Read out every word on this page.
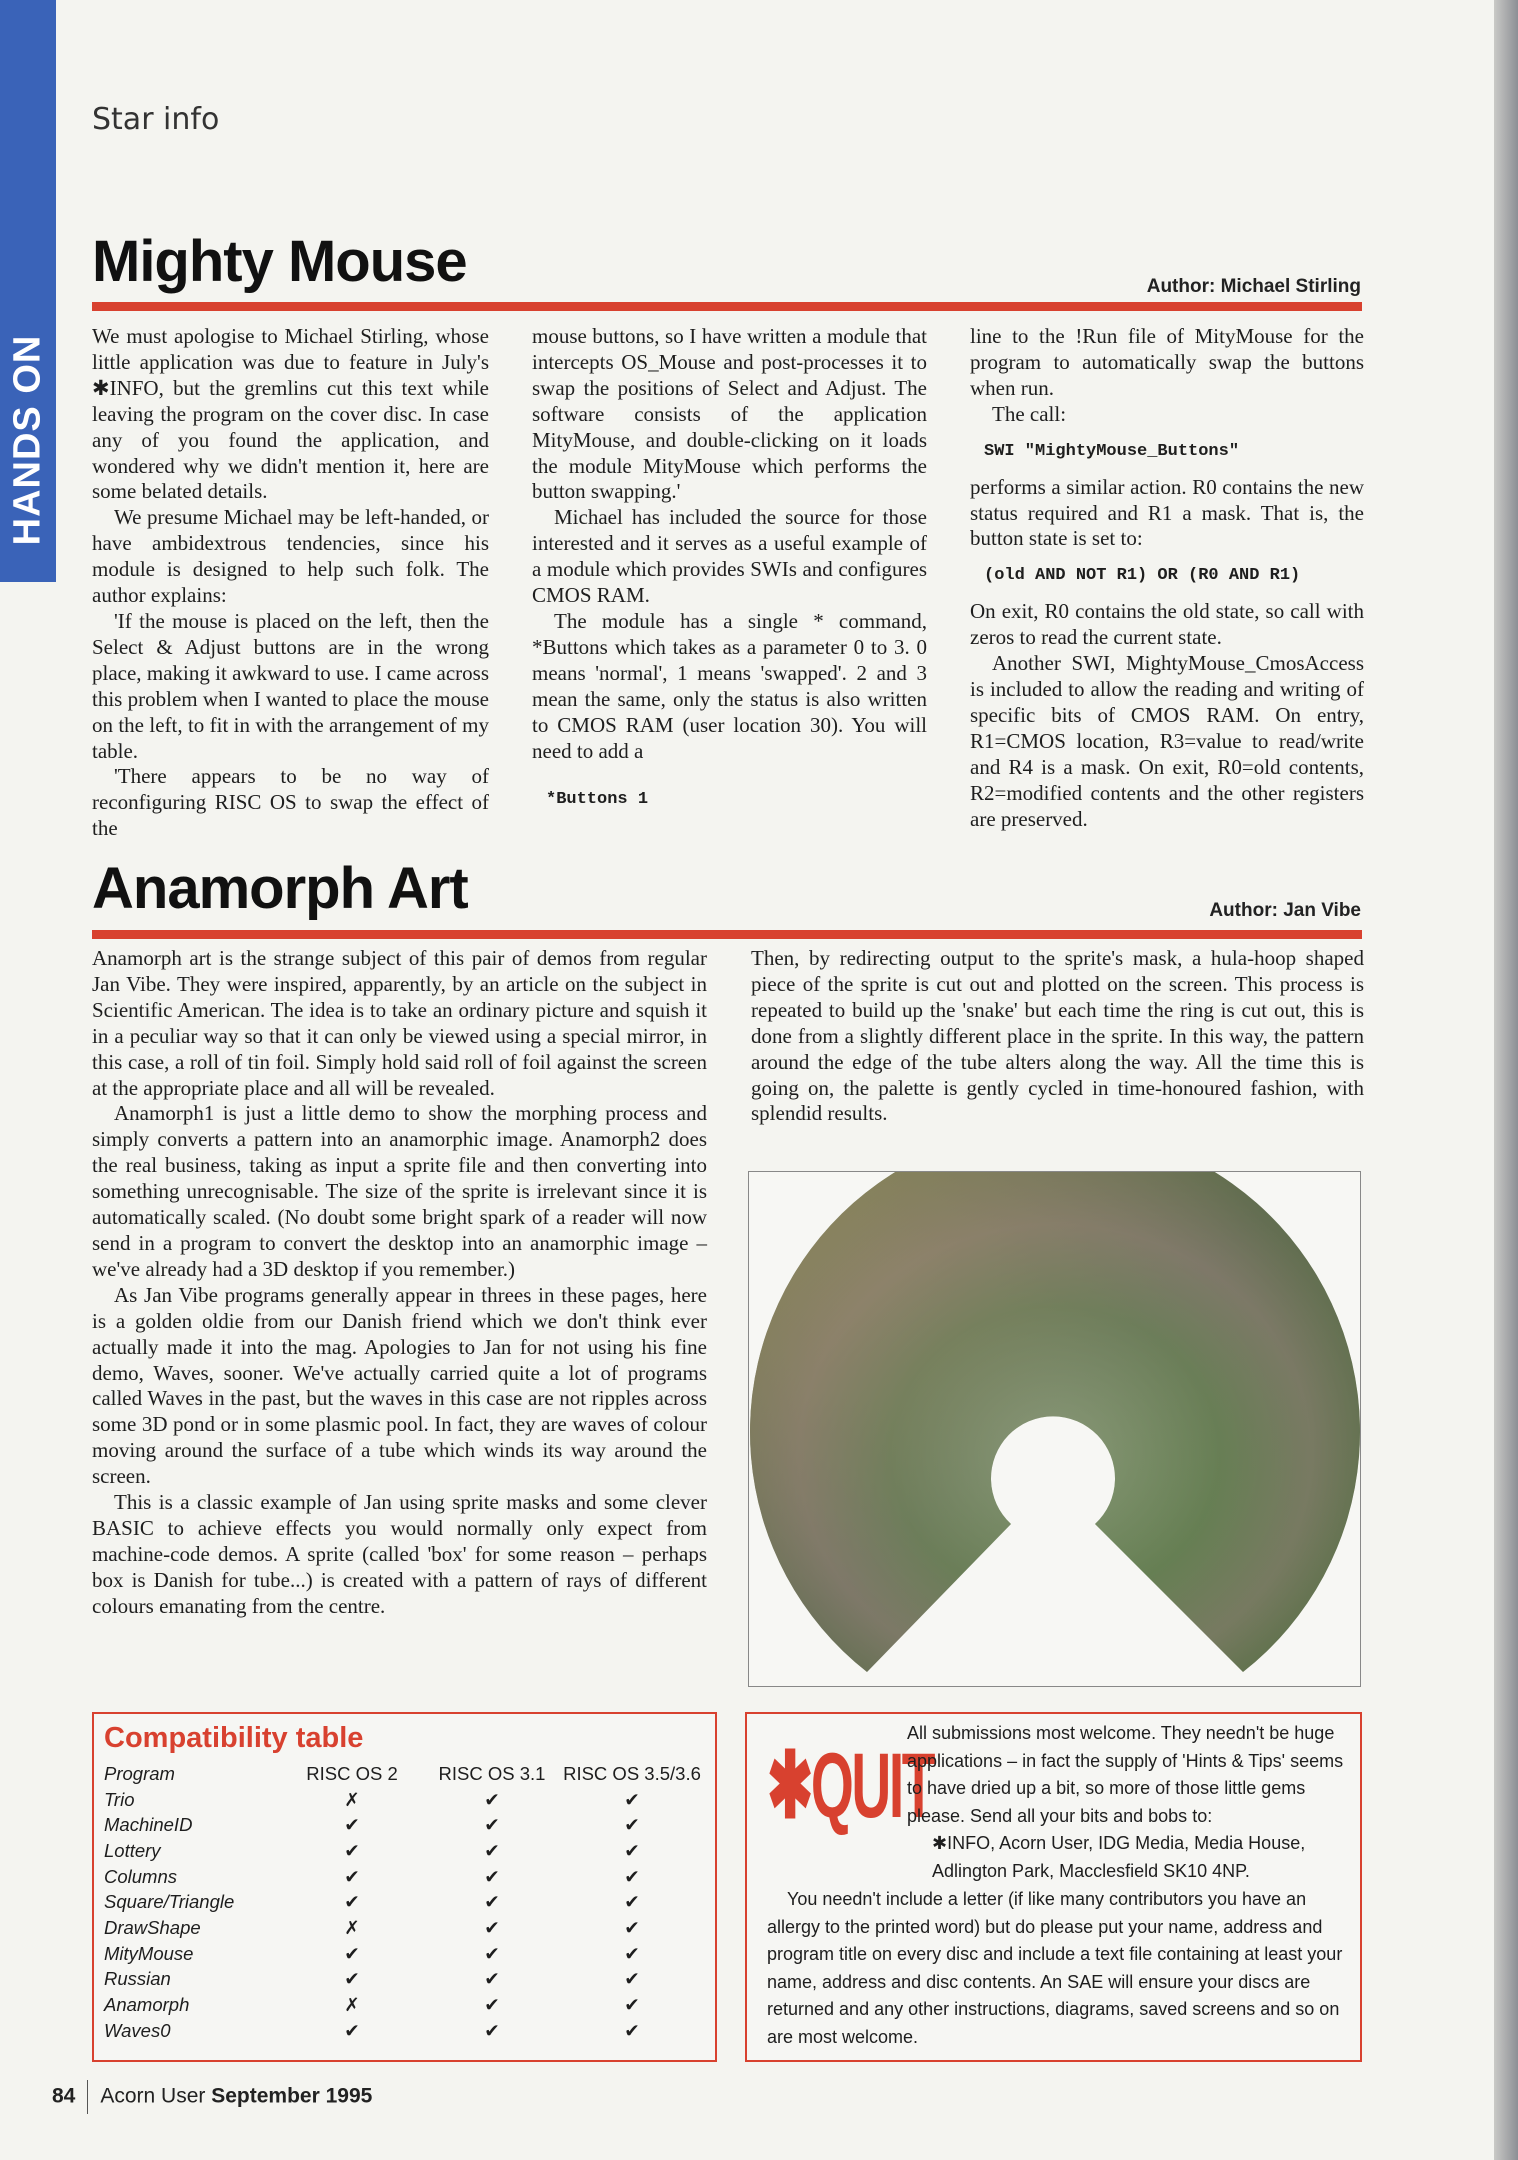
HANDS ON
Star info
Mighty Mouse	Author: Michael Stirling

We must apologise to Michael Stirling, whose little application was due to feature in July's ✱INFO, but the gremlins cut this text while leaving the program on the cover disc. In case any of you found the application, and wondered why we didn't mention it, here are some belated details.

We presume Michael may be left-handed, or have ambidextrous tendencies, since his module is designed to help such folk. The author explains:

'If the mouse is placed on the left, then the Select & Adjust buttons are in the wrong place, making it awkward to use. I came across this problem when I wanted to place the mouse on the left, to fit in with the arrangement of my table.

'There appears to be no way of reconfiguring RISC OS to swap the effect of the

mouse buttons, so I have written a module that intercepts OS_Mouse and post-processes it to swap the positions of Select and Adjust. The software consists of the application MityMouse, and double-clicking on it loads the module MityMouse which performs the button swapping.'

Michael has included the source for those interested and it serves as a useful example of a module which provides SWIs and configures CMOS RAM.

The module has a single * command, *Buttons which takes as a parameter 0 to 3. 0 means 'normal', 1 means 'swapped'. 2 and 3 mean the same, only the status is also written to CMOS RAM (user location 30). You will need to add a

*Buttons 1

line to the !Run file of MityMouse for the program to automatically swap the buttons when run.

The call:

SWI "MightyMouse_Buttons"

performs a similar action. R0 contains the new status required and R1 a mask. That is, the button state is set to:

(old AND NOT R1) OR (R0 AND R1)

On exit, R0 contains the old state, so call with zeros to read the current state.

Another SWI, MightyMouse_CmosAccess is included to allow the reading and writing of specific bits of CMOS RAM. On entry, R1=CMOS location, R3=value to read/write and R4 is a mask. On exit, R0=old contents, R2=modified contents and the other registers are preserved.

Anamorph Art	Author: Jan Vibe

Anamorph art is the strange subject of this pair of demos from regular Jan Vibe. They were inspired, apparently, by an article on the subject in Scientific American. The idea is to take an ordinary picture and squish it in a peculiar way so that it can only be viewed using a special mirror, in this case, a roll of tin foil. Simply hold said roll of foil against the screen at the appropriate place and all will be revealed.

Anamorph1 is just a little demo to show the morphing process and simply converts a pattern into an anamorphic image. Anamorph2 does the real business, taking as input a sprite file and then converting into something unrecognisable. The size of the sprite is irrelevant since it is automatically scaled. (No doubt some bright spark of a reader will now send in a program to convert the desktop into an anamorphic image – we've already had a 3D desktop if you remember.)

As Jan Vibe programs generally appear in threes in these pages, here is a golden oldie from our Danish friend which we don't think ever actually made it into the mag. Apologies to Jan for not using his fine demo, Waves, sooner. We've actually carried quite a lot of programs called Waves in the past, but the waves in this case are not ripples across some 3D pond or in some plasmic pool. In fact, they are waves of colour moving around the surface of a tube which winds its way around the screen.

This is a classic example of Jan using sprite masks and some clever BASIC to achieve effects you would normally only expect from machine-code demos. A sprite (called 'box' for some reason – perhaps box is Danish for tube...) is created with a pattern of rays of different colours emanating from the centre.

Then, by redirecting output to the sprite's mask, a hula-hoop shaped piece of the sprite is cut out and plotted on the screen. This process is repeated to build up the 'snake' but each time the ring is cut out, this is done from a slightly different place in the sprite. In this way, the pattern around the edge of the tube alters along the way. All the time this is going on, the palette is gently cycled in time-honoured fashion, with splendid results.

Compatibility table
Program	RISC OS 2	RISC OS 3.1	RISC OS 3.5/3.6
Trio	✗	✔	✔
MachineID	✔	✔	✔
Lottery	✔	✔	✔
Columns	✔	✔	✔
Square/Triangle	✔	✔	✔
DrawShape	✗	✔	✔
MityMouse	✔	✔	✔
Russian	✔	✔	✔
Anamorph	✗	✔	✔
Waves0	✔	✔	✔
✱QUIT
All submissions most welcome. They needn't be huge applications – in fact the supply of 'Hints & Tips' seems to have dried up a bit, so more of those little gems please. Send all your bits and bobs to:
✱INFO, Acorn User, IDG Media, Media House,
Adlington Park, Macclesfield SK10 4NP.
You needn't include a letter (if like many contributors you have an allergy to the printed word) but do please put your name, address and program title on every disc and include a text file containing at least your name, address and disc contents. An SAE will ensure your discs are returned and any other instructions, diagrams, saved screens and so on are most welcome.
84 Acorn User September 1995
